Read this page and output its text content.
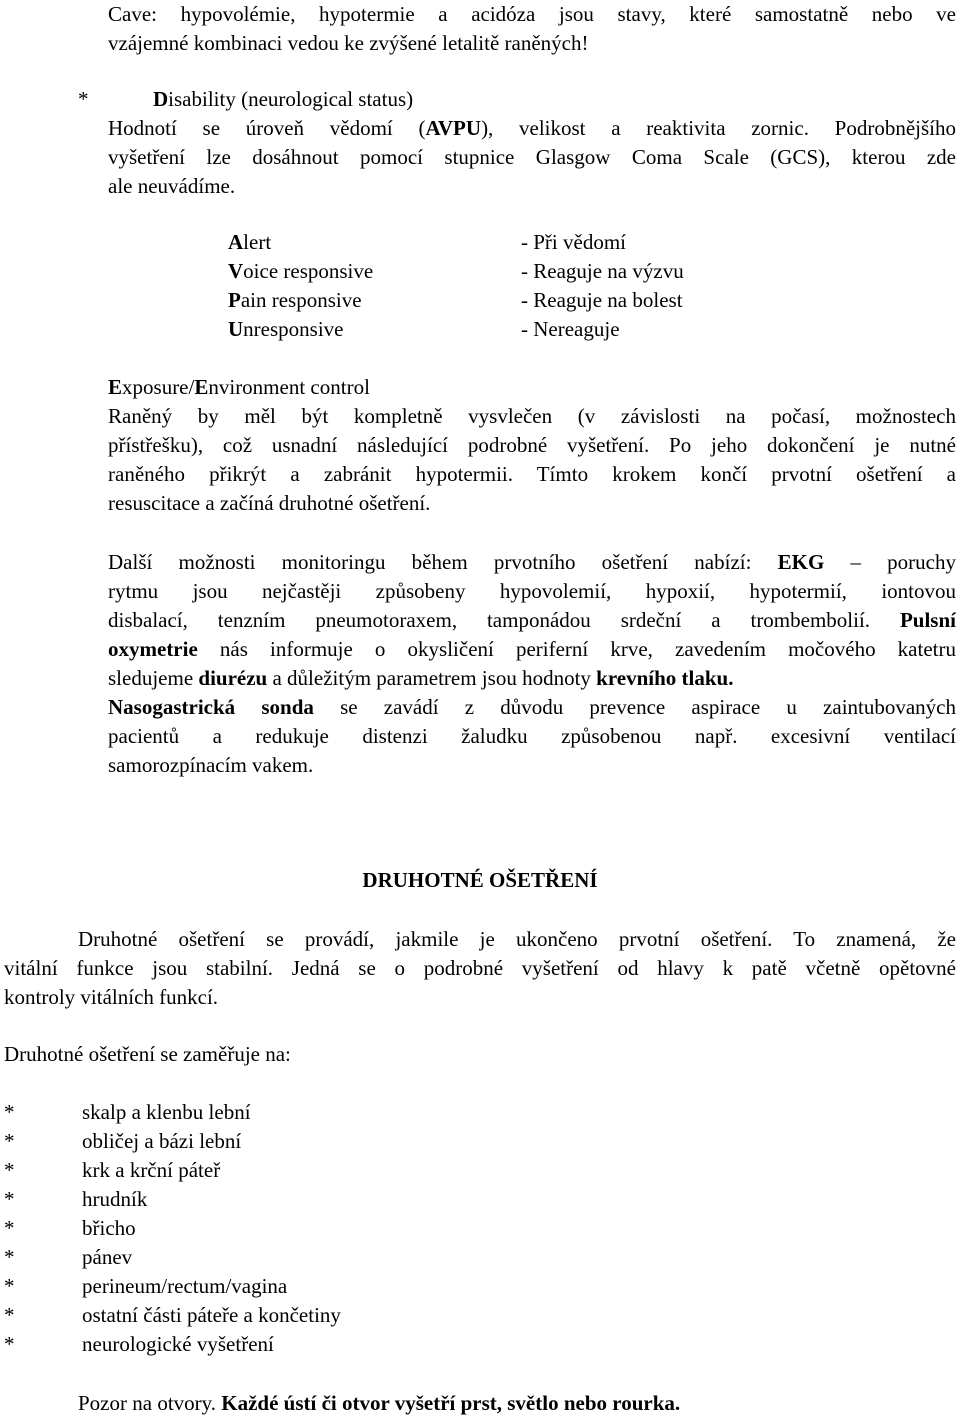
Cave: hypovolémie, hypotermie a acidóza jsou stavy, které samostatně nebo ve
vzájemné kombinaci vedou ke zvýšené letalitě raněných!
*	Disability (neurological status)
Hodnotí se úroveň vědomí (AVPU), velikost a reaktivita zornic. Podrobnějšího
vyšetření lze dosáhnout pomocí stupnice Glasgow Coma Scale (GCS), kterou zde
ale neuvádíme.
Alert	- Při vědomí
Voice responsive	- Reaguje na výzvu
Pain responsive	- Reaguje na bolest
Unresponsive	- Nereaguje
Exposure/Environment control
Raněný by měl být kompletně vysvlečen (v závislosti na počasí, možnostech
přístřešku), což usnadní následující podrobné vyšetření. Po jeho dokončení je nutné
raněného přikrýt a zabránit hypotermii. Tímto krokem končí prvotní ošetření a
resuscitace a začíná druhotné ošetření.
Další možnosti monitoringu během prvotního ošetření nabízí: EKG – poruchy
rytmu jsou nejčastěji způsobeny hypovolemií, hypoxií, hypotermií, iontovou
disbalací, tenzním pneumotoraxem, tamponádou srdeční a trombembolií. Pulsní
oxymetrie nás informuje o okysličení periferní krve, zavedením močového katetru
sledujeme diurézu a důležitým parametrem jsou hodnoty krevního tlaku.
Nasogastrická sonda se zavádí z důvodu prevence aspirace u zaintubovaných
pacientů a redukuje distenzi žaludku způsobenou např. excesivní ventilací
samorozpínacím vakem.
DRUHOTNÉ OŠETŘENÍ
Druhotné ošetření se provádí, jakmile je ukončeno prvotní ošetření. To znamená, že
vitální funkce jsou stabilní. Jedná se o podrobné vyšetření od hlavy k patě včetně opětovné
kontroly vitálních funkcí.
Druhotné ošetření se zaměřuje na:
*	skalp a klenbu lební
*	obličej a bázi lební
*	krk a krční páteř
*	hrudník
*	břicho
*	pánev
*	perineum/rectum/vagina
*	ostatní části páteře a končetiny
*	neurologické vyšetření
Pozor na otvory. Každé ústí či otvor vyšetří prst, světlo nebo rourka.
